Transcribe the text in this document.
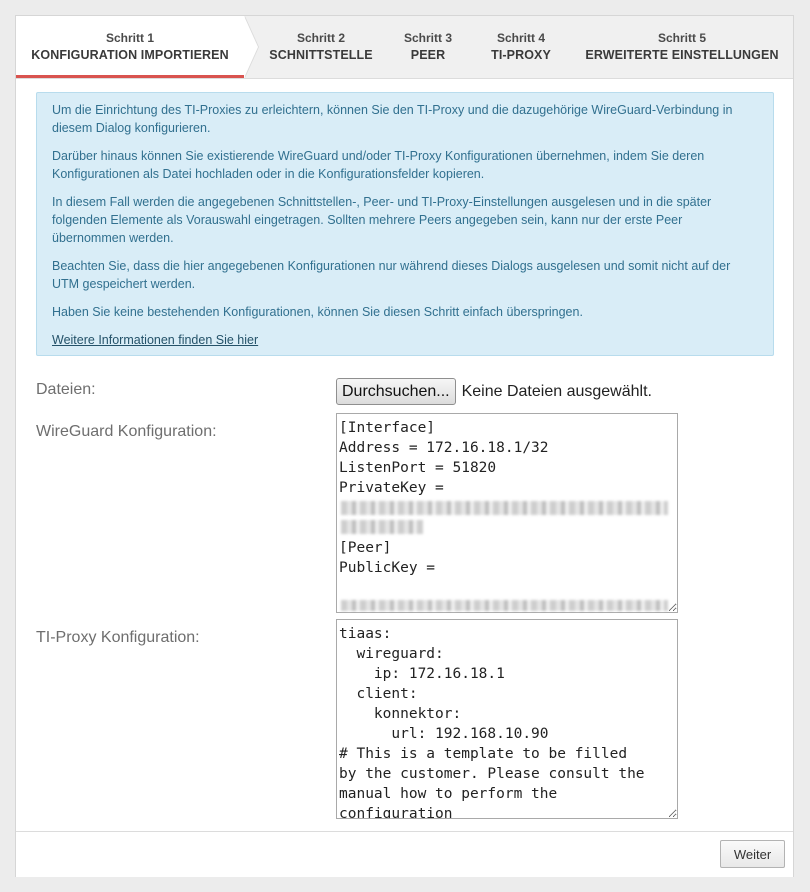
Schritt 1
KONFIGURATION IMPORTIEREN
Schritt 2
SCHNITTSTELLE
Schritt 3
PEER
Schritt 4
TI-PROXY
Schritt 5
ERWEITERTE EINSTELLUNGEN

Um die Einrichtung des TI-Proxies zu erleichtern, können Sie den TI-Proxy und die dazugehörige WireGuard-Verbindung in diesem Dialog konfigurieren.

Darüber hinaus können Sie existierende WireGuard und/oder TI-Proxy Konfigurationen übernehmen, indem Sie deren Konfigurationen als Datei hochladen oder in die Konfigurationsfelder kopieren.

In diesem Fall werden die angegebenen Schnittstellen-, Peer- und TI-Proxy-Einstellungen ausgelesen und in die später folgenden Elemente als Vorauswahl eingetragen. Sollten mehrere Peers angegeben sein, kann nur der erste Peer übernommen werden.

Beachten Sie, dass die hier angegebenen Konfigurationen nur während dieses Dialogs ausgelesen und somit nicht auf der UTM gespeichert werden.

Haben Sie keine bestehenden Konfigurationen, können Sie diesen Schritt einfach überspringen.

Weitere Informationen finden Sie hier
Dateien:	Durchsuchen... Keine Dateien ausgewählt.
WireGuard Konfiguration:
[Interface] Address = 172.16.18.1/32 ListenPort = 51820 PrivateKey = [Peer] PublicKey =
TI-Proxy Konfiguration:
tiaas: wireguard: ip: 172.16.18.1 client: konnektor: url: 192.168.10.90 # This is a template to be filled by the customer. Please consult the manual how to perform the configuration
Weiter
